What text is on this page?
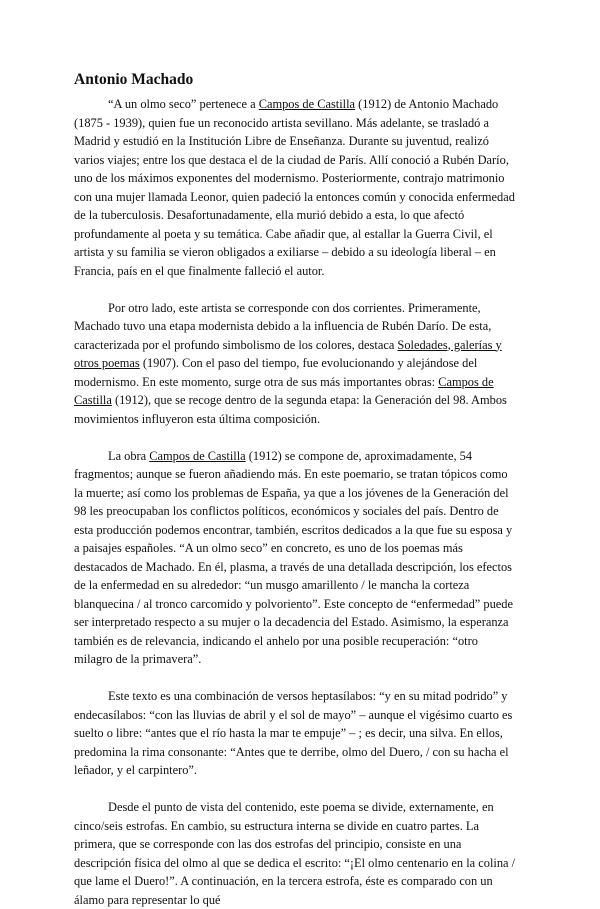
Antonio Machado

“A un olmo seco” pertenece a Campos de Castilla (1912) de Antonio Machado (1875 - 1939), quien fue un reconocido artista sevillano. Más adelante, se trasladó a Madrid y estudió en la Institución Libre de Enseñanza. Durante su juventud, realizó varios viajes; entre los que destaca el de la ciudad de París. Allí conoció a Rubén Darío, uno de los máximos exponentes del modernismo. Posteriormente, contrajo matrimonio con una mujer llamada Leonor, quien padeció la entonces común y conocida enfermedad de la tuberculosis. Desafortunadamente, ella murió debido a esta, lo que afectó profundamente al poeta y su temática. Cabe añadir que, al estallar la Guerra Civil, el artista y su familia se vieron obligados a exiliarse – debido a su ideología liberal – en Francia, país en el que finalmente falleció el autor.

Por otro lado, este artista se corresponde con dos corrientes. Primeramente, Machado tuvo una etapa modernista debido a la influencia de Rubén Darío. De esta, caracterizada por el profundo simbolismo de los colores, destaca Soledades, galerías y otros poemas (1907). Con el paso del tiempo, fue evolucionando y alejándose del modernismo. En este momento, surge otra de sus más importantes obras: Campos de Castilla (1912), que se recoge dentro de la segunda etapa: la Generación del 98. Ambos movimientos influyeron esta última composición.

La obra Campos de Castilla (1912) se compone de, aproximadamente, 54 fragmentos; aunque se fueron añadiendo más. En este poemario, se tratan tópicos como la muerte; así como los problemas de España, ya que a los jóvenes de la Generación del 98 les preocupaban los conflictos políticos, económicos y sociales del país. Dentro de esta producción podemos encontrar, también, escritos dedicados a la que fue su esposa y a paisajes españoles. “A un olmo seco” en concreto, es uno de los poemas más destacados de Machado. En él, plasma, a través de una detallada descripción, los efectos de la enfermedad en su alrededor: “un musgo amarillento / le mancha la corteza blanquecina / al tronco carcomido y polvoriento”. Este concepto de “enfermedad” puede ser interpretado respecto a su mujer o la decadencia del Estado. Asimismo, la esperanza también es de relevancia, indicando el anhelo por una posible recuperación: “otro milagro de la primavera”.

Este texto es una combinación de versos heptasílabos: “y en su mitad podrido” y endecasílabos: “con las lluvias de abril y el sol de mayo” – aunque el vigésimo cuarto es suelto o libre: “antes que el río hasta la mar te empuje” – ; es decir, una silva. En ellos, predomina la rima consonante: “Antes que te derribe, olmo del Duero, / con su hacha el leñador, y el carpintero”.

Desde el punto de vista del contenido, este poema se divide, externamente, en cinco/seis estrofas. En cambio, su estructura interna se divide en cuatro partes. La primera, que se corresponde con las dos estrofas del principio, consiste en una descripción física del olmo al que se dedica el escrito: “¡El olmo centenario en la colina / que lame el Duero!”. A continuación, en la tercera estrofa, éste es comparado con un álamo para representar lo qué
